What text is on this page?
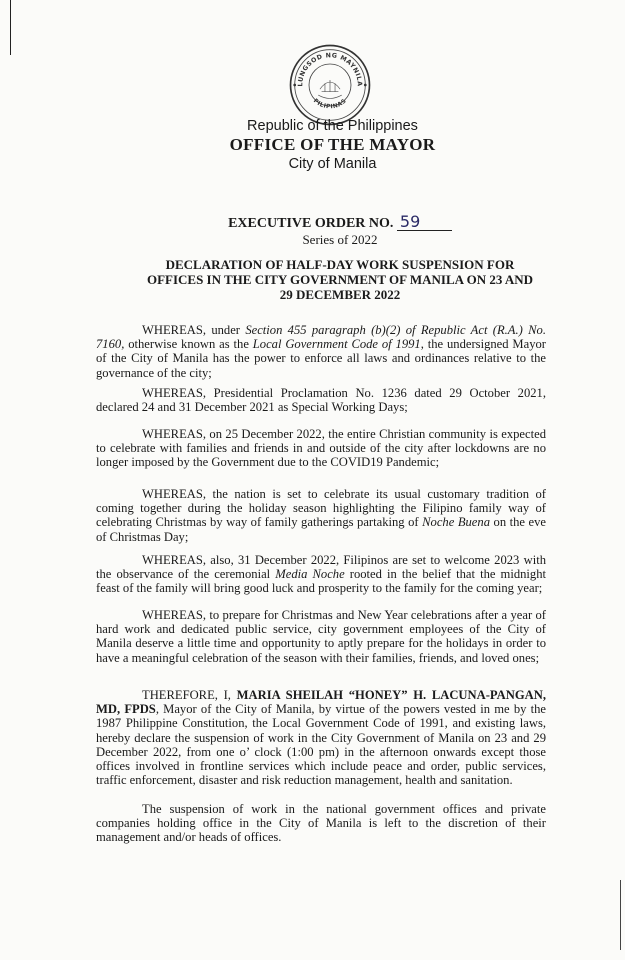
LUNGSOD NG MAYNILA
PILIPINAS
Republic of the Philippines
OFFICE OF THE MAYOR
City of Manila
EXECUTIVE ORDER NO. 59
Series of 2022
DECLARATION OF HALF-DAY WORK SUSPENSION FOR
OFFICES IN THE CITY GOVERNMENT OF MANILA ON 23 AND
29 DECEMBER 2022
WHEREAS, under Section 455 paragraph (b)(2) of Republic Act (R.A.) No. 7160, otherwise known as the Local Government Code of 1991, the undersigned Mayor of the City of Manila has the power to enforce all laws and ordinances relative to the governance of the city;
WHEREAS, Presidential Proclamation No. 1236 dated 29 October 2021, declared 24 and 31 December 2021 as Special Working Days;
WHEREAS, on 25 December 2022, the entire Christian community is expected to celebrate with families and friends in and outside of the city after lockdowns are no longer imposed by the Government due to the COVID19 Pandemic;
WHEREAS, the nation is set to celebrate its usual customary tradition of coming together during the holiday season highlighting the Filipino family way of celebrating Christmas by way of family gatherings partaking of Noche Buena on the eve of Christmas Day;
WHEREAS, also, 31 December 2022, Filipinos are set to welcome 2023 with the observance of the ceremonial Media Noche rooted in the belief that the midnight feast of the family will bring good luck and prosperity to the family for the coming year;
WHEREAS, to prepare for Christmas and New Year celebrations after a year of hard work and dedicated public service, city government employees of the City of Manila deserve a little time and opportunity to aptly prepare for the holidays in order to have a meaningful celebration of the season with their families, friends, and loved ones;
THEREFORE, I, MARIA SHEILAH “HONEY” H. LACUNA-PANGAN, MD, FPDS, Mayor of the City of Manila, by virtue of the powers vested in me by the 1987 Philippine Constitution, the Local Government Code of 1991, and existing laws, hereby declare the suspension of work in the City Government of Manila on 23 and 29 December 2022, from one o’ clock (1:00 pm) in the afternoon onwards except those offices involved in frontline services which include peace and order, public services, traffic enforcement, disaster and risk reduction management, health and sanitation.
The suspension of work in the national government offices and private companies holding office in the City of Manila is left to the discretion of their management and/or heads of offices.
